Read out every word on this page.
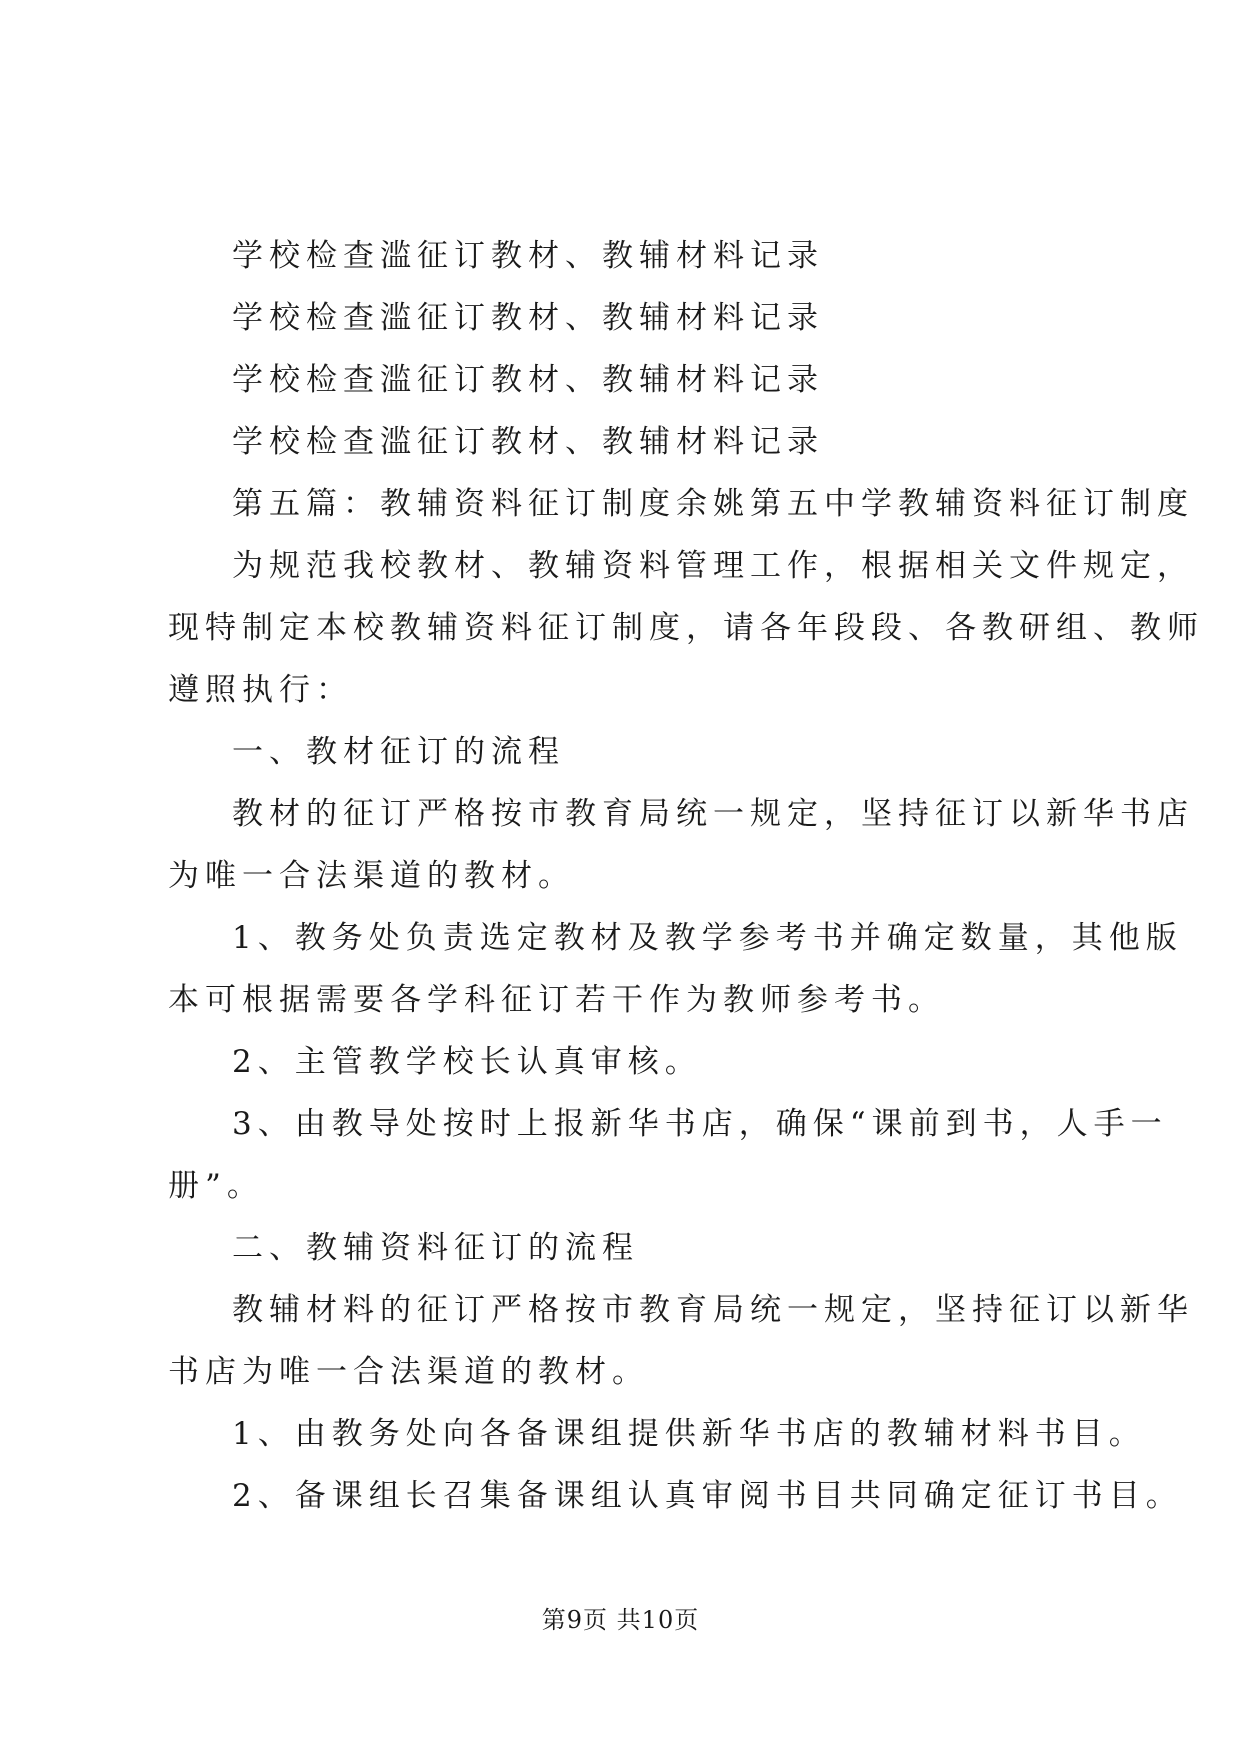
学校检查滥征订教材、教辅材料记录
学校检查滥征订教材、教辅材料记录
学校检查滥征订教材、教辅材料记录
学校检查滥征订教材、教辅材料记录
第五篇：教辅资料征订制度余姚第五中学教辅资料征订制度
为规范我校教材、教辅资料管理工作，根据相关文件规定，
现特制定本校教辅资料征订制度，请各年段段、各教研组、教师
遵照执行：
一、教材征订的流程
教材的征订严格按市教育局统一规定，坚持征订以新华书店
为唯一合法渠道的教材。
1、教务处负责选定教材及教学参考书并确定数量，其他版
本可根据需要各学科征订若干作为教师参考书。
2、主管教学校长认真审核。
3、由教导处按时上报新华书店，确保“课前到书，人手一
册”。
二、教辅资料征订的流程
教辅材料的征订严格按市教育局统一规定，坚持征订以新华
书店为唯一合法渠道的教材。
1、由教务处向各备课组提供新华书店的教辅材料书目。
2、备课组长召集备课组认真审阅书目共同确定征订书目。
第9页 共10页
